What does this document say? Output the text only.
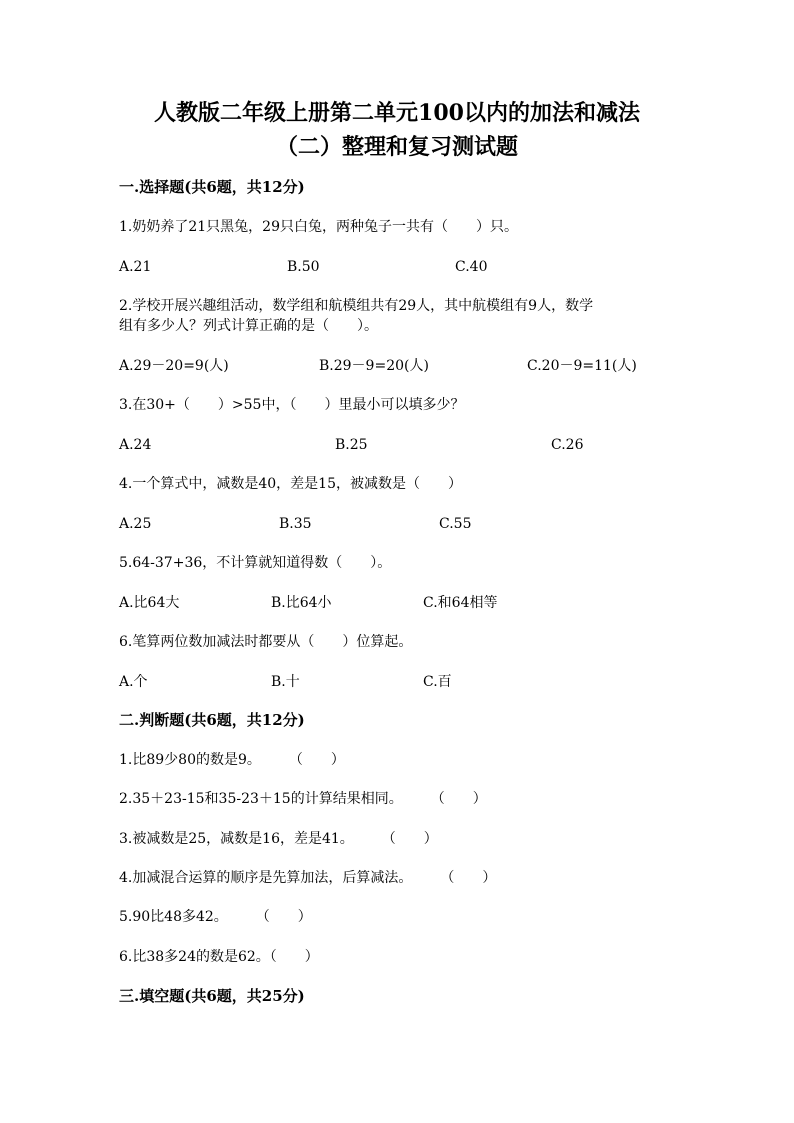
人教版二年级上册第二单元100以内的加法和减法
（二）整理和复习测试题
一.选择题(共6题，共12分)
1.奶奶养了21只黑兔，29只白兔，两种兔子一共有（　　）只。
A.21	B.50	C.40
2.学校开展兴趣组活动，数学组和航模组共有29人，其中航模组有9人，数学
组有多少人？列式计算正确的是（　　）。
A.29－20=9(人)	B.29－9=20(人)	C.20－9=11(人)
3.在30+（　　）>55中，（　　）里最小可以填多少？
A.24	B.25	C.26
4.一个算式中，减数是40，差是15，被减数是（　　）
A.25	B.35	C.55
5.64-37+36，不计算就知道得数（　　）。
A.比64大	B.比64小	C.和64相等
6.笔算两位数加减法时都要从（　　）位算起。
A.个	B.十	C.百
二.判断题(共6题，共12分)
1.比89少80的数是9。　　　（　　）
2.35＋23-15和35-23＋15的计算结果相同。　　　（　　）
3.被减数是25，减数是16，差是41。　　　（　　）
4.加减混合运算的顺序是先算加法，后算减法。　　　（　　）
5.90比48多42。　　　（　　）
6.比38多24的数是62。（　　）
三.填空题(共6题，共25分)
